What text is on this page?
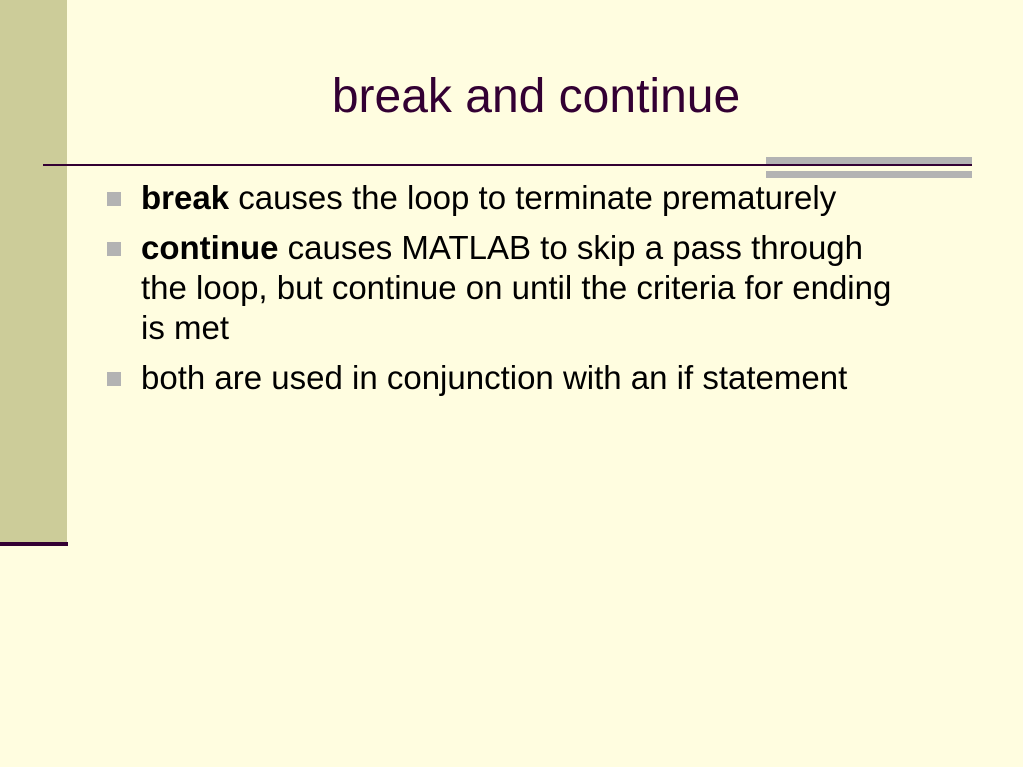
break and continue
break causes the loop to terminate prematurely
continue causes MATLAB to skip a pass through the loop, but continue on until the criteria for ending is met
both are used in conjunction with an if statement
